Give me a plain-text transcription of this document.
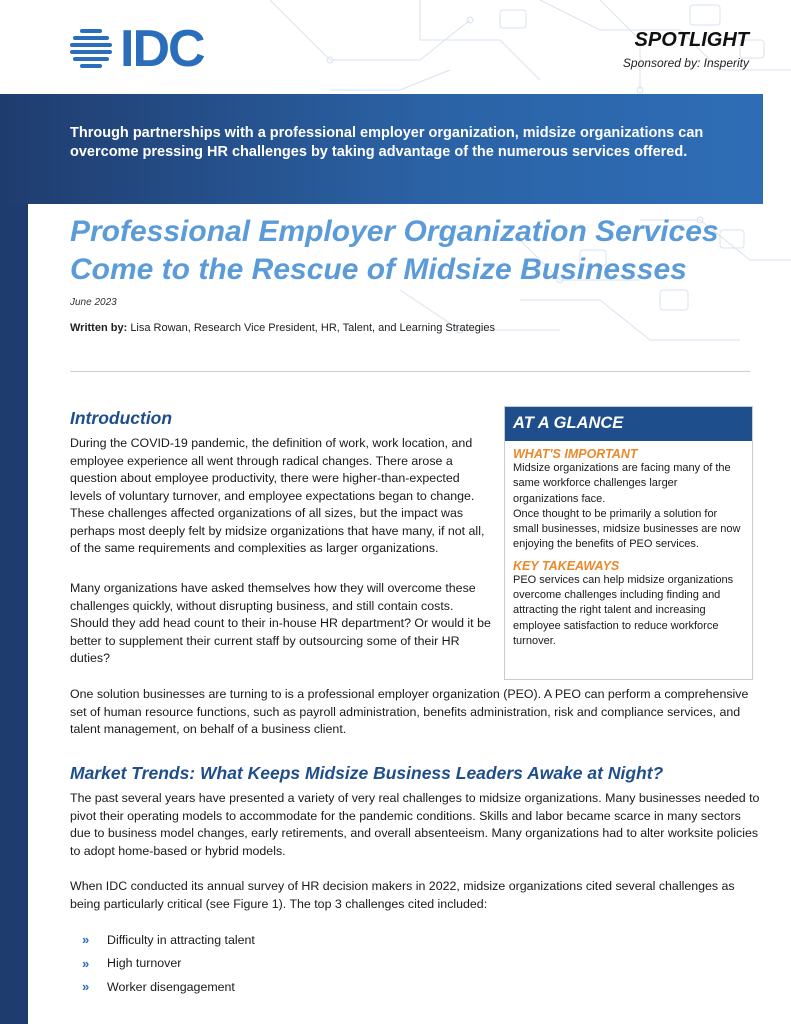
IDC	SPOTLIGHT
Sponsored by: Insperity
Through partnerships with a professional employer organization, midsize organizations can overcome pressing HR challenges by taking advantage of the numerous services offered.
Professional Employer Organization Services
Come to the Rescue of Midsize Businesses
June 2023
Written by: Lisa Rowan, Research Vice President, HR, Talent, and Learning Strategies
Introduction
During the COVID-19 pandemic, the definition of work, work location, and employee experience all went through radical changes. There arose a question about employee productivity, there were higher-than-expected levels of voluntary turnover, and employee expectations began to change. These challenges affected organizations of all sizes, but the impact was perhaps most deeply felt by midsize organizations that have many, if not all, of the same requirements and complexities as larger organizations.
Many organizations have asked themselves how they will overcome these challenges quickly, without disrupting business, and still contain costs. Should they add head count to their in-house HR department? Or would it be better to supplement their current staff by outsourcing some of their HR duties?
One solution businesses are turning to is a professional employer organization (PEO). A PEO can perform a comprehensive set of human resource functions, such as payroll administration, benefits administration, risk and compliance services, and talent management, on behalf of a business client.
AT A GLANCE
WHAT'S IMPORTANT
Midsize organizations are facing many of the same workforce challenges larger organizations face.
Once thought to be primarily a solution for small businesses, midsize businesses are now enjoying the benefits of PEO services.
KEY TAKEAWAYS
PEO services can help midsize organizations overcome challenges including finding and attracting the right talent and increasing employee satisfaction to reduce workforce turnover.
Market Trends: What Keeps Midsize Business Leaders Awake at Night?
The past several years have presented a variety of very real challenges to midsize organizations. Many businesses needed to pivot their operating models to accommodate for the pandemic conditions. Skills and labor became scarce in many sectors due to business model changes, early retirements, and overall absenteeism. Many organizations had to alter worksite policies to adopt home-based or hybrid models.
When IDC conducted its annual survey of HR decision makers in 2022, midsize organizations cited several challenges as being particularly critical (see Figure 1). The top 3 challenges cited included:
»	Difficulty in attracting talent
»	High turnover
»	Worker disengagement
